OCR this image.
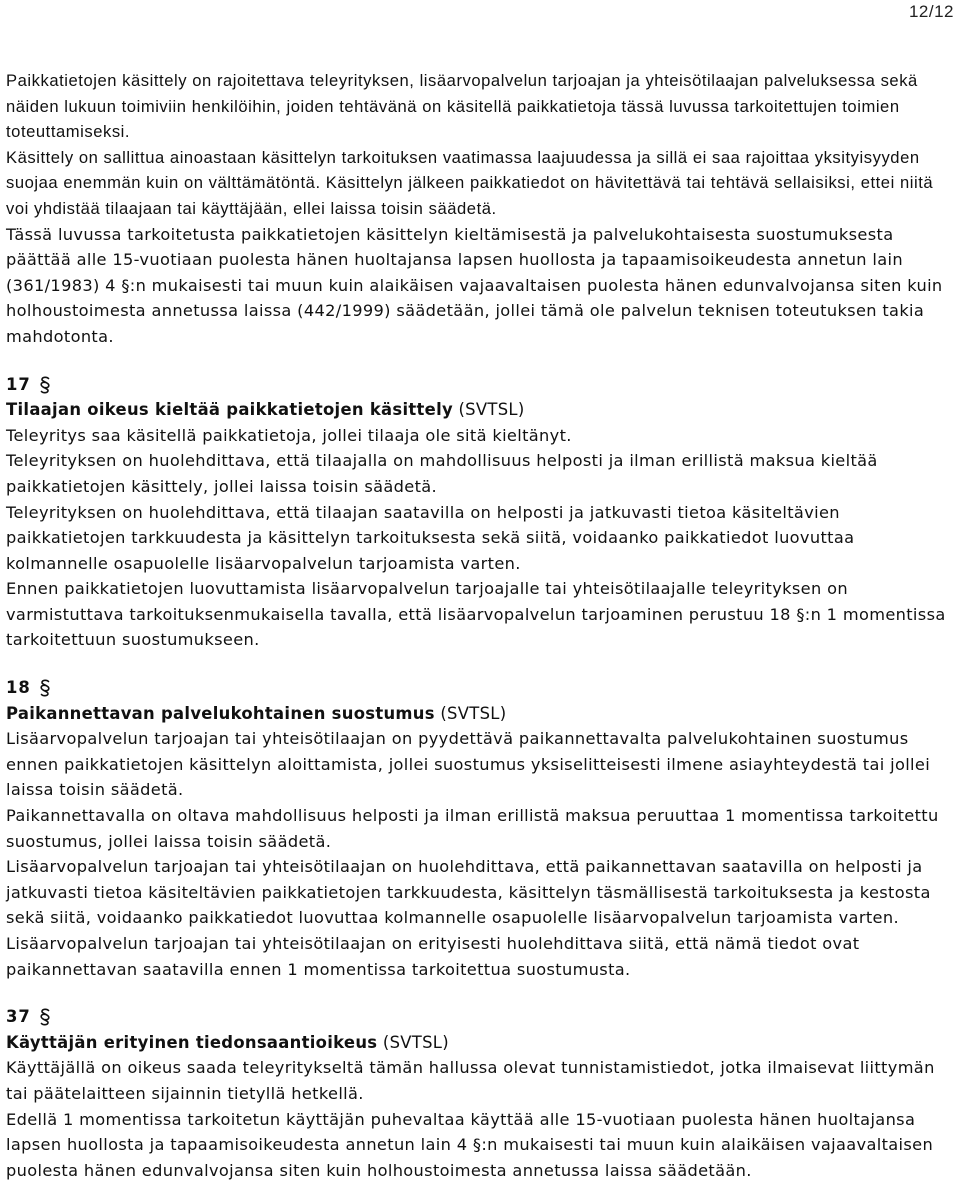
12/12

Paikkatietojen käsittely on rajoitettava teleyrityksen, lisäarvopalvelun tarjoajan ja yhteisötilaajan palveluksessa sekä näiden lukuun toimiviin henkilöihin, joiden tehtävänä on käsitellä paikkatietoja tässä luvussa tarkoitettujen toimien toteuttamiseksi.

Käsittely on sallittua ainoastaan käsittelyn tarkoituksen vaatimassa laajuudessa ja sillä ei saa rajoittaa yksityisyyden suojaa enemmän kuin on välttämätöntä. Käsittelyn jälkeen paikkatiedot on hävitettävä tai tehtävä sellaisiksi, ettei niitä voi yhdistää tilaajaan tai käyttäjään, ellei laissa toisin säädetä.

Tässä luvussa tarkoitetusta paikkatietojen käsittelyn kieltämisestä ja palvelukohtaisesta suostumuksesta päättää alle 15-vuotiaan puolesta hänen huoltajansa lapsen huollosta ja tapaamisoikeudesta annetun lain (361/1983) 4 §:n mukaisesti tai muun kuin alaikäisen vajaavaltaisen puolesta hänen edunvalvojansa siten kuin holhoustoimesta annetussa laissa (442/1999) säädetään, jollei tämä ole palvelun teknisen toteutuksen takia mahdotonta.

17

Tilaajan oikeus kieltää paikkatietojen käsittely (SVTSL)

Teleyritys saa käsitellä paikkatietoja, jollei tilaaja ole sitä kieltänyt.

Teleyrityksen on huolehdittava, että tilaajalla on mahdollisuus helposti ja ilman erillistä maksua kieltää paikkatietojen käsittely, jollei laissa toisin säädetä.

Teleyrityksen on huolehdittava, että tilaajan saatavilla on helposti ja jatkuvasti tietoa käsiteltävien paikkatietojen tarkkuudesta ja käsittelyn tarkoituksesta sekä siitä, voidaanko paikkatiedot luovuttaa kolmannelle osapuolelle lisäarvopalvelun tarjoamista varten.

Ennen paikkatietojen luovuttamista lisäarvopalvelun tarjoajalle tai yhteisötilaajalle teleyrityksen on varmistuttava tarkoituksenmukaisella tavalla, että lisäarvopalvelun tarjoaminen perustuu 18 §:n 1 momentissa tarkoitettuun suostumukseen.

18

Paikannettavan palvelukohtainen suostumus (SVTSL)

Lisäarvopalvelun tarjoajan tai yhteisötilaajan on pyydettävä paikannettavalta palvelukohtainen suostumus ennen paikkatietojen käsittelyn aloittamista, jollei suostumus yksiselitteisesti ilmene asiayhteydestä tai jollei laissa toisin säädetä.

Paikannettavalla on oltava mahdollisuus helposti ja ilman erillistä maksua peruuttaa 1 momentissa tarkoitettu suostumus, jollei laissa toisin säädetä.

Lisäarvopalvelun tarjoajan tai yhteisötilaajan on huolehdittava, että paikannettavan saatavilla on helposti ja jatkuvasti tietoa käsiteltävien paikkatietojen tarkkuudesta, käsittelyn täsmällisestä tarkoituksesta ja kestosta sekä siitä, voidaanko paikkatiedot luovuttaa kolmannelle osapuolelle lisäarvopalvelun tarjoamista varten. Lisäarvopalvelun tarjoajan tai yhteisötilaajan on erityisesti huolehdittava siitä, että nämä tiedot ovat paikannettavan saatavilla ennen 1 momentissa tarkoitettua suostumusta.

37

Käyttäjän erityinen tiedonsaantioikeus (SVTSL)

Käyttäjällä on oikeus saada teleyritykseltä tämän hallussa olevat tunnistamistiedot, jotka ilmaisevat liittymän tai päätelaitteen sijainnin tietyllä hetkellä.

Edellä 1 momentissa tarkoitetun käyttäjän puhevaltaa käyttää alle 15-vuotiaan puolesta hänen huoltajansa lapsen huollosta ja tapaamisoikeudesta annetun lain 4 §:n mukaisesti tai muun kuin alaikäisen vajaavaltaisen puolesta hänen edunvalvojansa siten kuin holhoustoimesta annetussa laissa säädetään.
